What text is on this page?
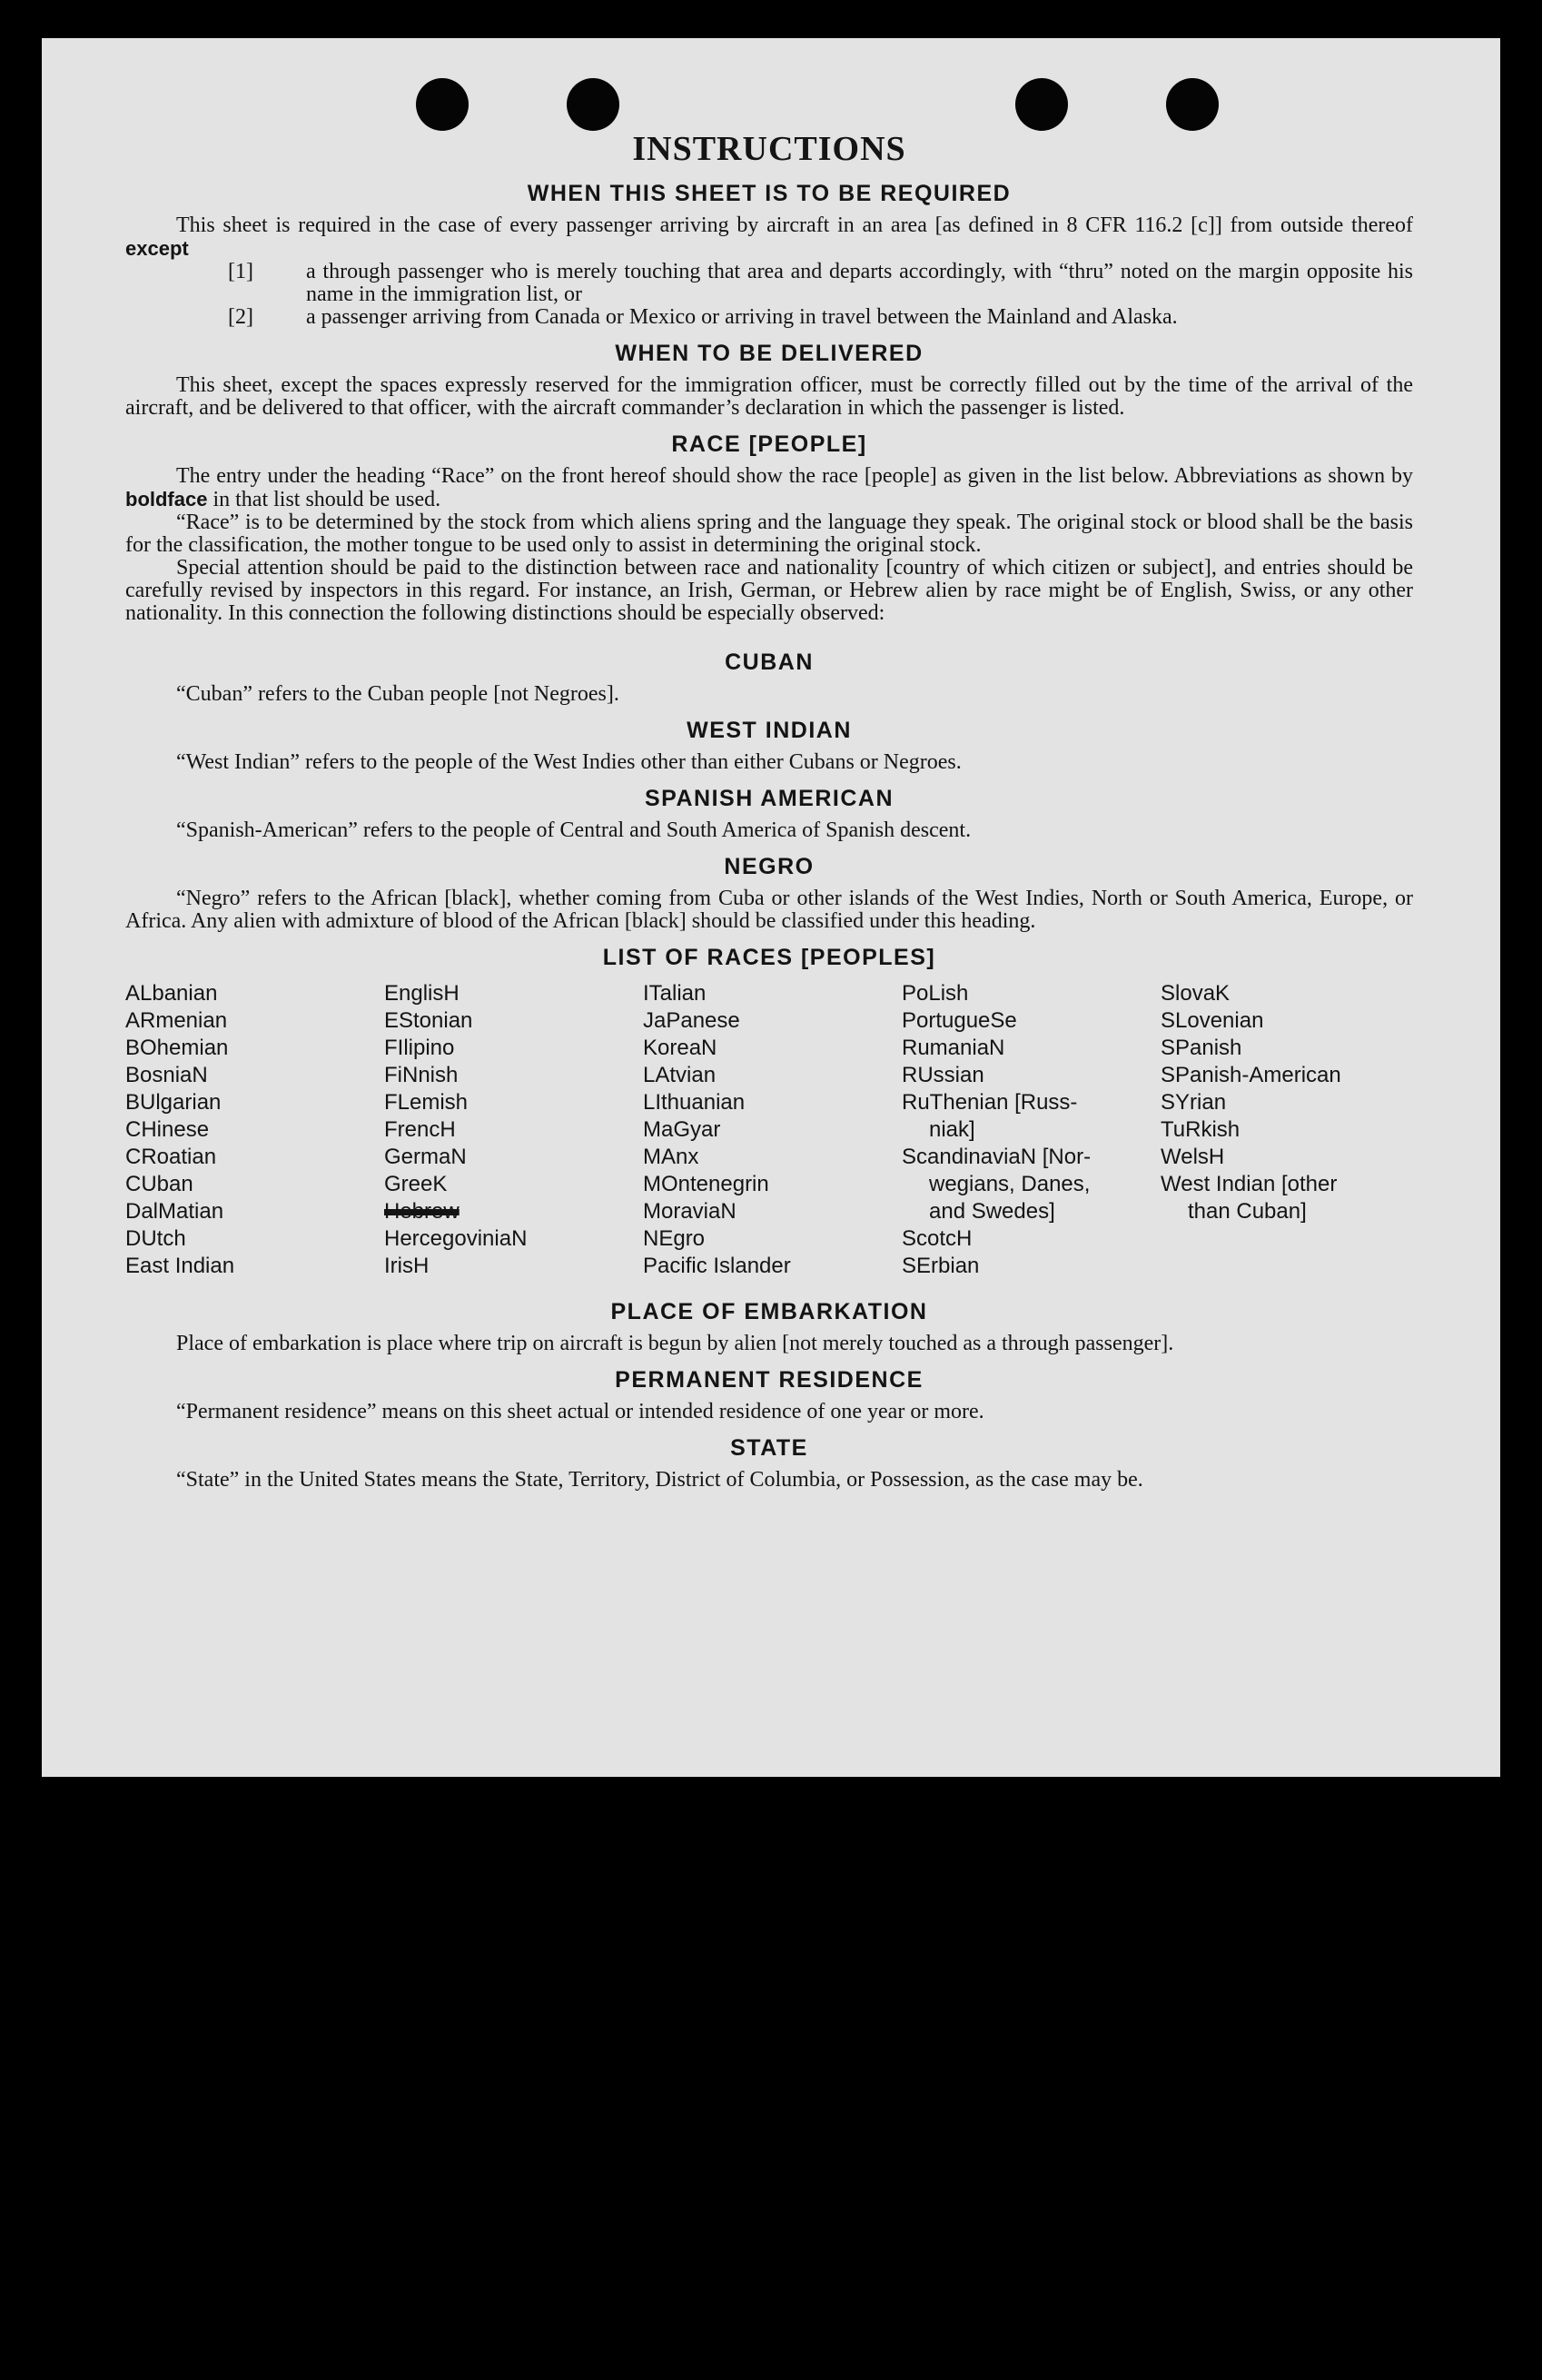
INSTRUCTIONS
WHEN THIS SHEET IS TO BE REQUIRED

This sheet is required in the case of every passenger arriving by aircraft in an area [as defined in 8 CFR 116.2 [c]] from outside thereof except

[1] a through passenger who is merely touching that area and departs accordingly, with “thru” noted on the margin opposite his name in the immigration list, or
[2] a passenger arriving from Canada or Mexico or arriving in travel between the Mainland and Alaska.
WHEN TO BE DELIVERED

This sheet, except the spaces expressly reserved for the immigration officer, must be correctly filled out by the time of the arrival of the aircraft, and be delivered to that officer, with the aircraft commander’s declaration in which the passenger is listed.

RACE [PEOPLE]

The entry under the heading “Race” on the front hereof should show the race [people] as given in the list below. Abbreviations as shown by boldface in that list should be used.

“Race” is to be determined by the stock from which aliens spring and the language they speak. The original stock or blood shall be the basis for the classification, the mother tongue to be used only to assist in determining the original stock.

Special attention should be paid to the distinction between race and nationality [country of which citizen or subject], and entries should be carefully revised by inspectors in this regard. For instance, an Irish, German, or Hebrew alien by race might be of English, Swiss, or any other nationality. In this connection the following distinctions should be especially observed:

CUBAN

“Cuban” refers to the Cuban people [not Negroes].

WEST INDIAN

“West Indian” refers to the people of the West Indies other than either Cubans or Negroes.

SPANISH AMERICAN

“Spanish-American” refers to the people of Central and South America of Spanish descent.

NEGRO

“Negro” refers to the African [black], whether coming from Cuba or other islands of the West Indies, North or South America, Europe, or Africa. Any alien with admixture of blood of the African [black] should be classified under this heading.

LIST OF RACES [PEOPLES]
ALbanian
ARmenian
BOhemian
BosniaN
BUlgarian
CHinese
CRoatian
CUban
DalMatian
DUtch
East Indian
EnglisH
EStonian
FIlipino
FiNnish
FLemish
FrencH
GermaN
GreeK
Hebrew
HercegoviniaN
IrisH
ITalian
JaPanese
KoreaN
LAtvian
LIthuanian
MaGyar
MAnx
MOntenegrin
MoraviaN
NEgro
Pacific Islander
PoLish
PortugueSe
RumaniaN
RUssian
RuThenian [Russ-
niak]
ScandinaviaN [Nor-
wegians, Danes,
and Swedes]
ScotcH
SErbian
SlovaK
SLovenian
SPanish
SPanish-American
SYrian
TuRkish
WelsH
West Indian [other
than Cuban]
PLACE OF EMBARKATION

Place of embarkation is place where trip on aircraft is begun by alien [not merely touched as a through passenger].

PERMANENT RESIDENCE

“Permanent residence” means on this sheet actual or intended residence of one year or more.

STATE

“State” in the United States means the State, Territory, District of Columbia, or Possession, as the case may be.
